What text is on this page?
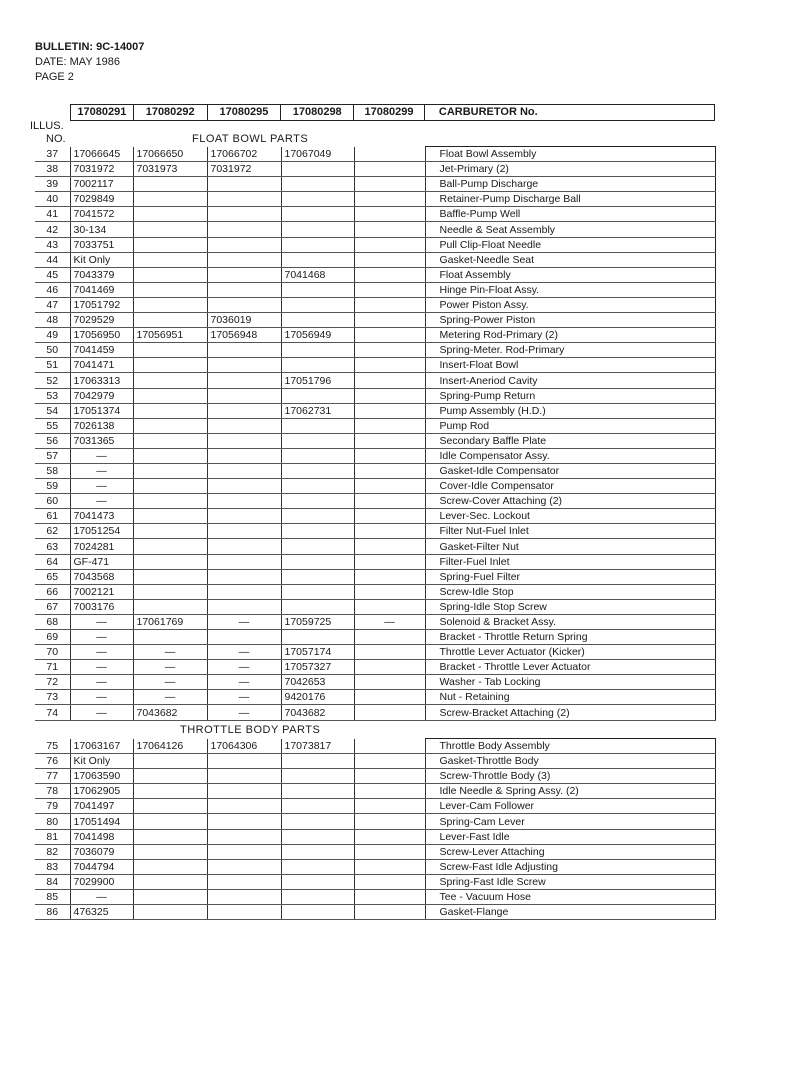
BULLETIN: 9C-14007
DATE: MAY 1986
PAGE 2
17080291	17080292	17080295	17080298	17080299	CARBURETOR No.
ILLUS.
NO.	FLOAT BOWL PARTS
37	17066645	17066650	17066702	17067049		Float Bowl Assembly
38	7031972	7031973	7031972			Jet-Primary (2)
39	7002117					Ball-Pump Discharge
40	7029849					Retainer-Pump Discharge Ball
41	7041572					Baffle-Pump Well
42	30-134					Needle & Seat Assembly
43	7033751					Pull Clip-Float Needle
44	Kit Only					Gasket-Needle Seat
45	7043379			7041468		Float Assembly
46	7041469					Hinge Pin-Float Assy.
47	17051792					Power Piston Assy.
48	7029529		7036019			Spring-Power Piston
49	17056950	17056951	17056948	17056949		Metering Rod-Primary (2)
50	7041459					Spring-Meter. Rod-Primary
51	7041471					Insert-Float Bowl
52	17063313			17051796		Insert-Aneriod Cavity
53	7042979					Spring-Pump Return
54	17051374			17062731		Pump Assembly (H.D.)
55	7026138					Pump Rod
56	7031365					Secondary Baffle Plate
57	—					Idle Compensator Assy.
58	—					Gasket-Idle Compensator
59	—					Cover-Idle Compensator
60	—					Screw-Cover Attaching (2)
61	7041473					Lever-Sec. Lockout
62	17051254					Filter Nut-Fuel Inlet
63	7024281					Gasket-Filter Nut
64	GF-471					Filter-Fuel Inlet
65	7043568					Spring-Fuel Filter
66	7002121					Screw-Idle Stop
67	7003176					Spring-Idle Stop Screw
68	—	17061769	—	17059725	—	Solenoid & Bracket Assy.
69	—					Bracket - Throttle Return Spring
70	—	—	—	17057174		Throttle Lever Actuator (Kicker)
71	—	—	—	17057327		Bracket - Throttle Lever Actuator
72	—	—	—	7042653		Washer - Tab Locking
73	—	—	—	9420176		Nut - Retaining
74	—	7043682	—	7043682		Screw-Bracket Attaching (2)
THROTTLE BODY PARTS
75	17063167	17064126	17064306	17073817		Throttle Body Assembly
76	Kit Only					Gasket-Throttle Body
77	17063590					Screw-Throttle Body (3)
78	17062905					Idle Needle & Spring Assy. (2)
79	7041497					Lever-Cam Follower
80	17051494					Spring-Cam Lever
81	7041498					Lever-Fast Idle
82	7036079					Screw-Lever Attaching
83	7044794					Screw-Fast Idle Adjusting
84	7029900					Spring-Fast Idle Screw
85	—					Tee - Vacuum Hose
86	476325					Gasket-Flange
